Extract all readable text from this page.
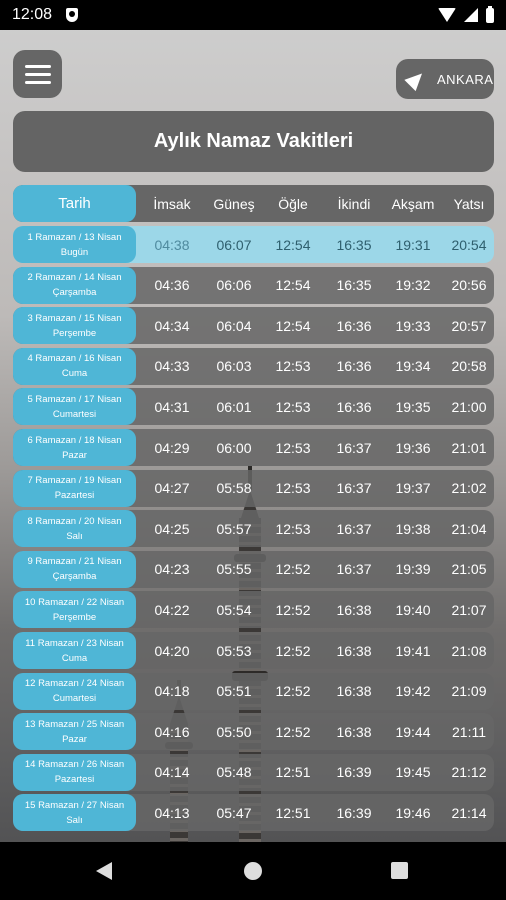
12:08
ANKARA
Aylık Namaz Vakitleri
Tarih	İmsak	Güneş	Öğle	İkindi	Akşam	Yatsı
1 Ramazan / 13 Nisan
Bugün	04:38	06:07	12:54	16:35	19:31	20:54
2 Ramazan / 14 Nisan
Çarşamba	04:36	06:06	12:54	16:35	19:32	20:56
3 Ramazan / 15 Nisan
Perşembe	04:34	06:04	12:54	16:36	19:33	20:57
4 Ramazan / 16 Nisan
Cuma	04:33	06:03	12:53	16:36	19:34	20:58
5 Ramazan / 17 Nisan
Cumartesi	04:31	06:01	12:53	16:36	19:35	21:00
6 Ramazan / 18 Nisan
Pazar	04:29	06:00	12:53	16:37	19:36	21:01
7 Ramazan / 19 Nisan
Pazartesi	04:27	05:58	12:53	16:37	19:37	21:02
8 Ramazan / 20 Nisan
Salı	04:25	05:57	12:53	16:37	19:38	21:04
9 Ramazan / 21 Nisan
Çarşamba	04:23	05:55	12:52	16:37	19:39	21:05
10 Ramazan / 22 Nisan
Perşembe	04:22	05:54	12:52	16:38	19:40	21:07
11 Ramazan / 23 Nisan
Cuma	04:20	05:53	12:52	16:38	19:41	21:08
12 Ramazan / 24 Nisan
Cumartesi	04:18	05:51	12:52	16:38	19:42	21:09
13 Ramazan / 25 Nisan
Pazar	04:16	05:50	12:52	16:38	19:44	21:11
14 Ramazan / 26 Nisan
Pazartesi	04:14	05:48	12:51	16:39	19:45	21:12
15 Ramazan / 27 Nisan
Salı	04:13	05:47	12:51	16:39	19:46	21:14
